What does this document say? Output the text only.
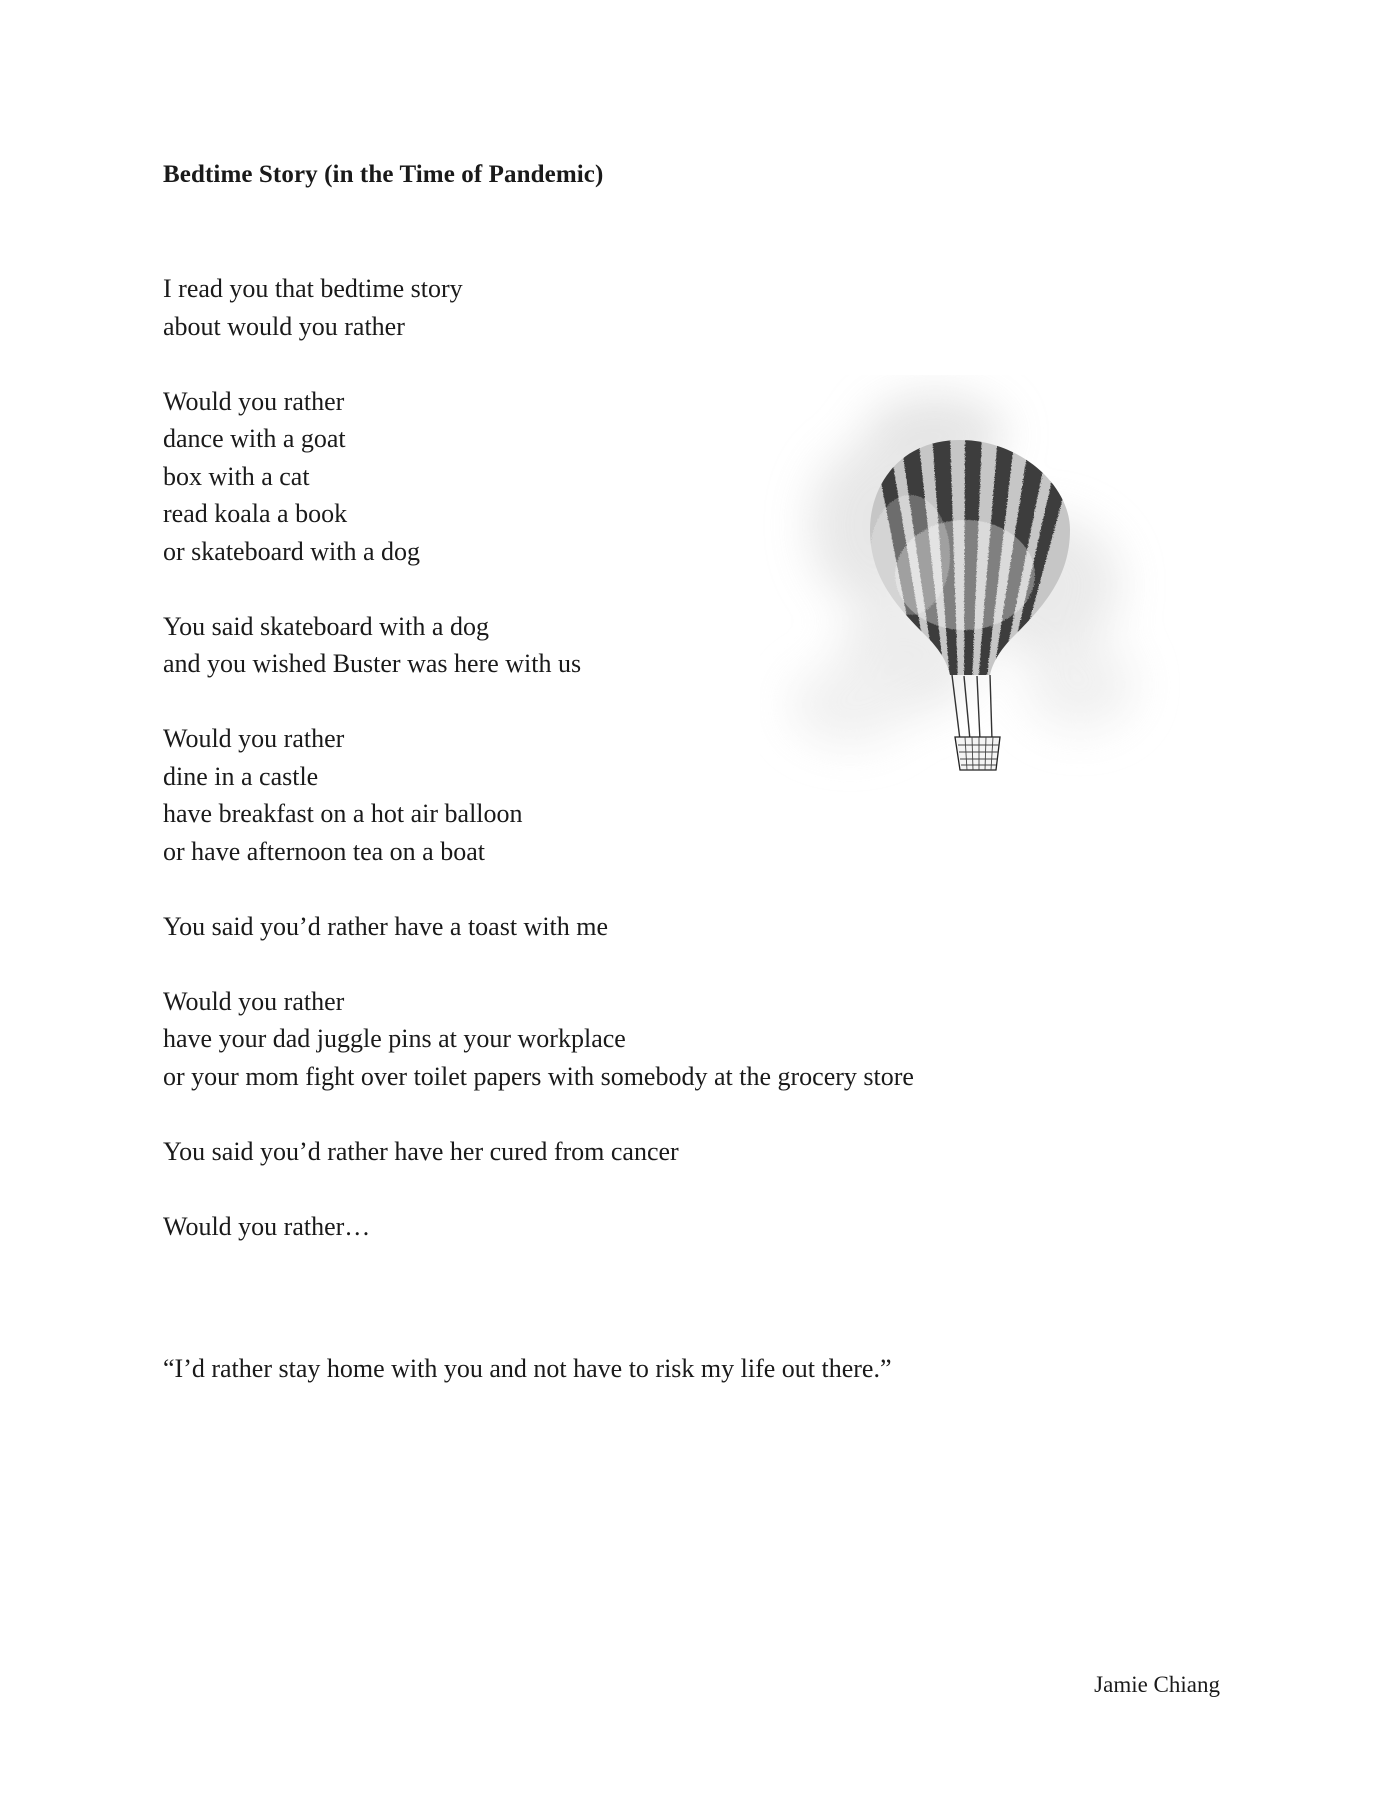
Bedtime Story (in the Time of Pandemic)
I read you that bedtime story
about would you rather
Would you rather
dance with a goat
box with a cat
read koala a book
or skateboard with a dog
You said skateboard with a dog
and you wished Buster was here with us
Would you rather
dine in a castle
have breakfast on a hot air balloon
or have afternoon tea on a boat
You said you’d rather have a toast with me
Would you rather
have your dad juggle pins at your workplace
or your mom fight over toilet papers with somebody at the grocery store
You said you’d rather have her cured from cancer
Would you rather…
“I’d rather stay home with you and not have to risk my life out there.”
Jamie Chiang
